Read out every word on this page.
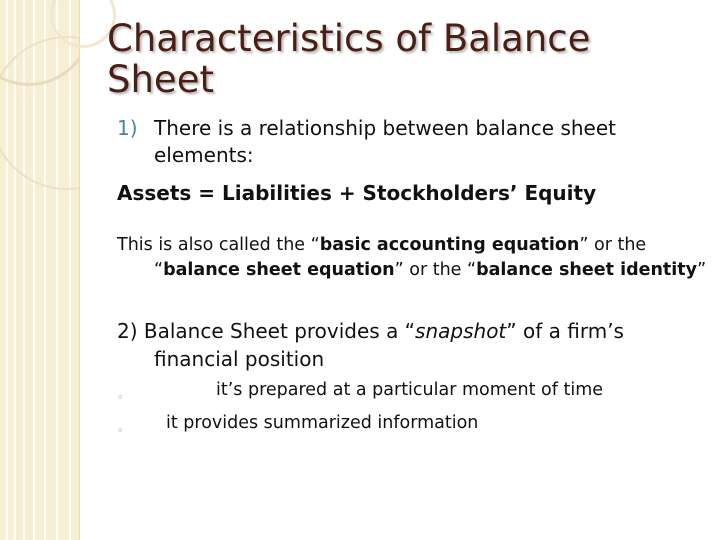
Characteristics of Balance Sheet

1) There is a relationship between balance sheet elements:

Assets = Liabilities + Stockholders’ Equity

This is also called the “basic accounting equation” or the “balance sheet equation” or the “balance sheet identity”

2) Balance Sheet provides a “snapshot” of a firm’s financial position

◦	it’s prepared at a particular moment of time

◦ it provides summarized information
